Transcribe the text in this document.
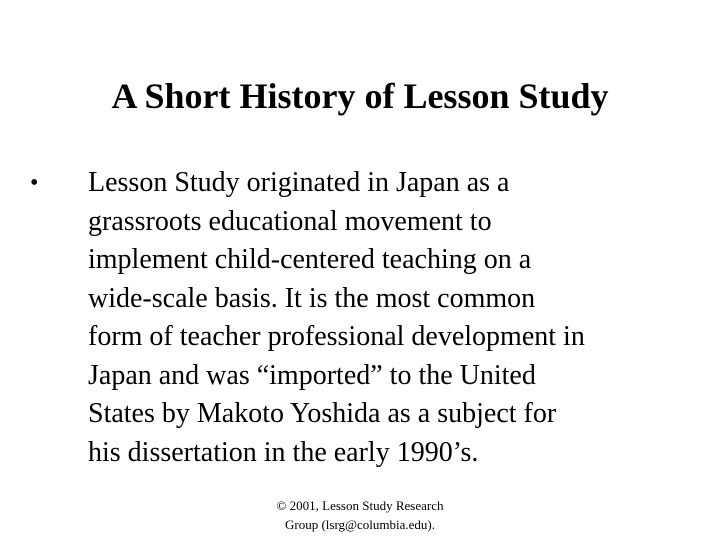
A Short History of Lesson Study
• Lesson Study originated in Japan as a
grassroots educational movement to
implement child-centered teaching on a
wide-scale basis. It is the most common
form of teacher professional development in
Japan and was “imported” to the United
States by Makoto Yoshida as a subject for
his dissertation in the early 1990’s.
© 2001, Lesson Study Research
Group (lsrg@columbia.edu).
